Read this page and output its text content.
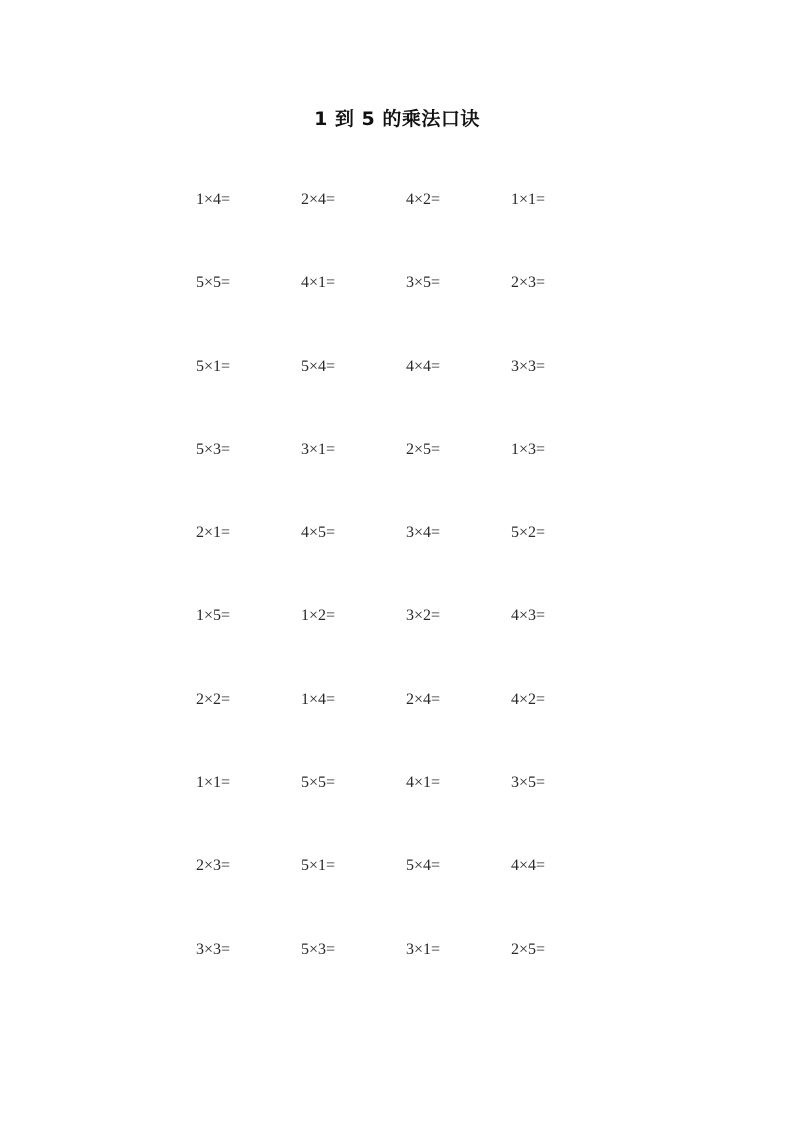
1 到 5 的乘法口诀
1×4=	2×4=	4×2=	1×1=
5×5=	4×1=	3×5=	2×3=
5×1=	5×4=	4×4=	3×3=
5×3=	3×1=	2×5=	1×3=
2×1=	4×5=	3×4=	5×2=
1×5=	1×2=	3×2=	4×3=
2×2=	1×4=	2×4=	4×2=
1×1=	5×5=	4×1=	3×5=
2×3=	5×1=	5×4=	4×4=
3×3=	5×3=	3×1=	2×5=
